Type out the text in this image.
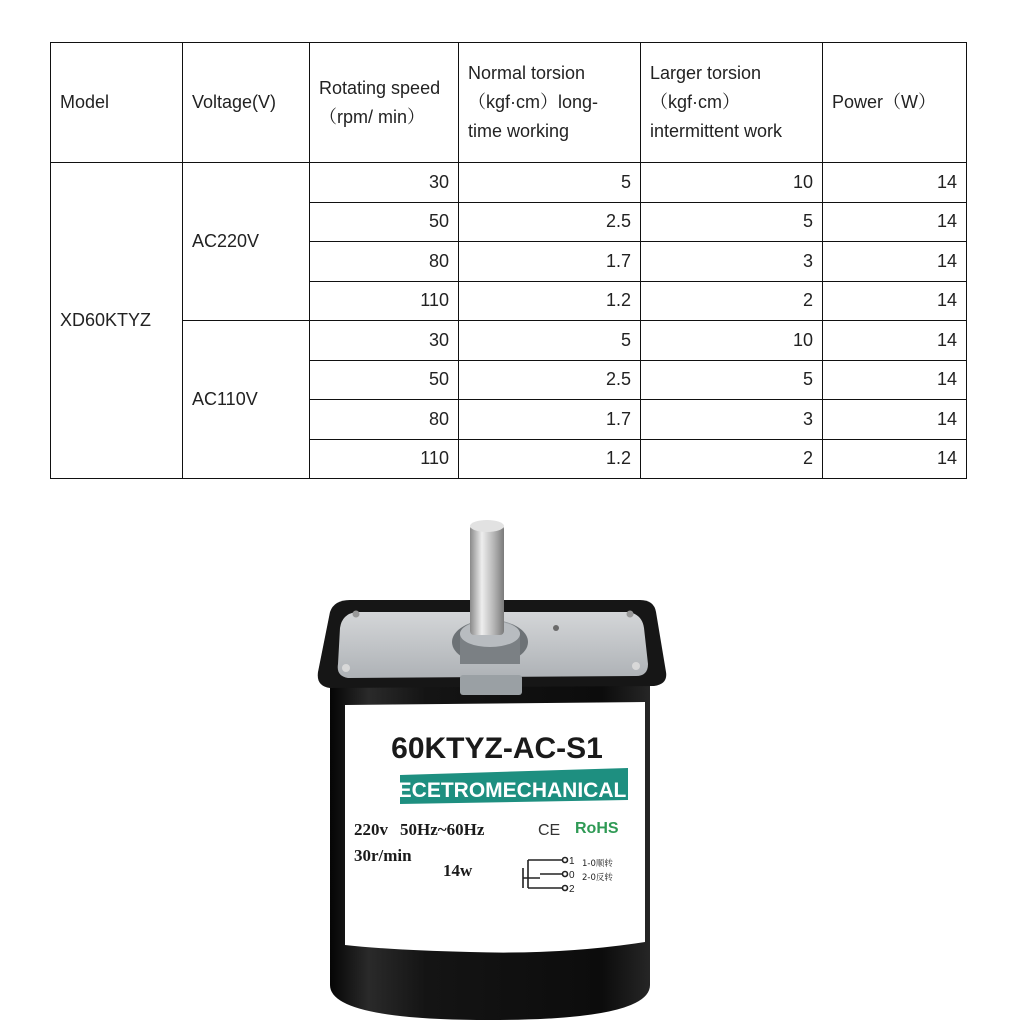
Model	Voltage(V)	Rotating speed（rpm/ min）	Normal torsion （kgf·cm）long- time working	Larger torsion（kgf·cm） intermittent work	Power（W）
XD60KTYZ	AC220V	30	5	10	14
		50	2.5	5	14
		80	1.7	3	14
		110	1.2	2	14
	AC110V	30	5	10	14
		50	2.5	5	14
		80	1.7	3	14
		110	1.2	2	14
60KTYZ-AC-S1
ECETROMECHANICAL
220v 50Hz~60Hz	CE RoHS
30r/min
14w	1
0
2
1-0顺转
2-0反转
